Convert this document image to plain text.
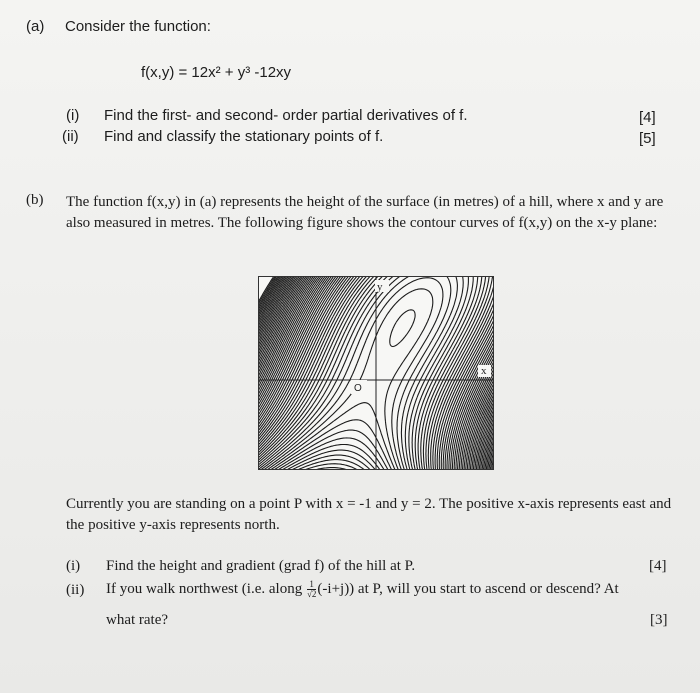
(a) Consider the function:
f(x,y) = 12x² + y³ -12xy
(i) Find the first- and second- order partial derivatives of f.	[4]
(ii) Find and classify the stationary points of f.	[5]
(b) The function f(x,y) in (a) represents the height of the surface (in metres) of a hill, where x and y are also measured in metres. The following figure shows the contour curves of f(x,y) on the x-y plane:
y
x
O
Currently you are standing on a point P with x = -1 and y = 2. The positive x-axis represents east and the positive y-axis represents north.
(i) Find the height and gradient (grad f) of the hill at P.	[4]
(ii) If you walk northwest (i.e. along $\frac{1}{√2} (-i+j)$) at P, will you start to ascend or descend? At
what rate?	[3]
